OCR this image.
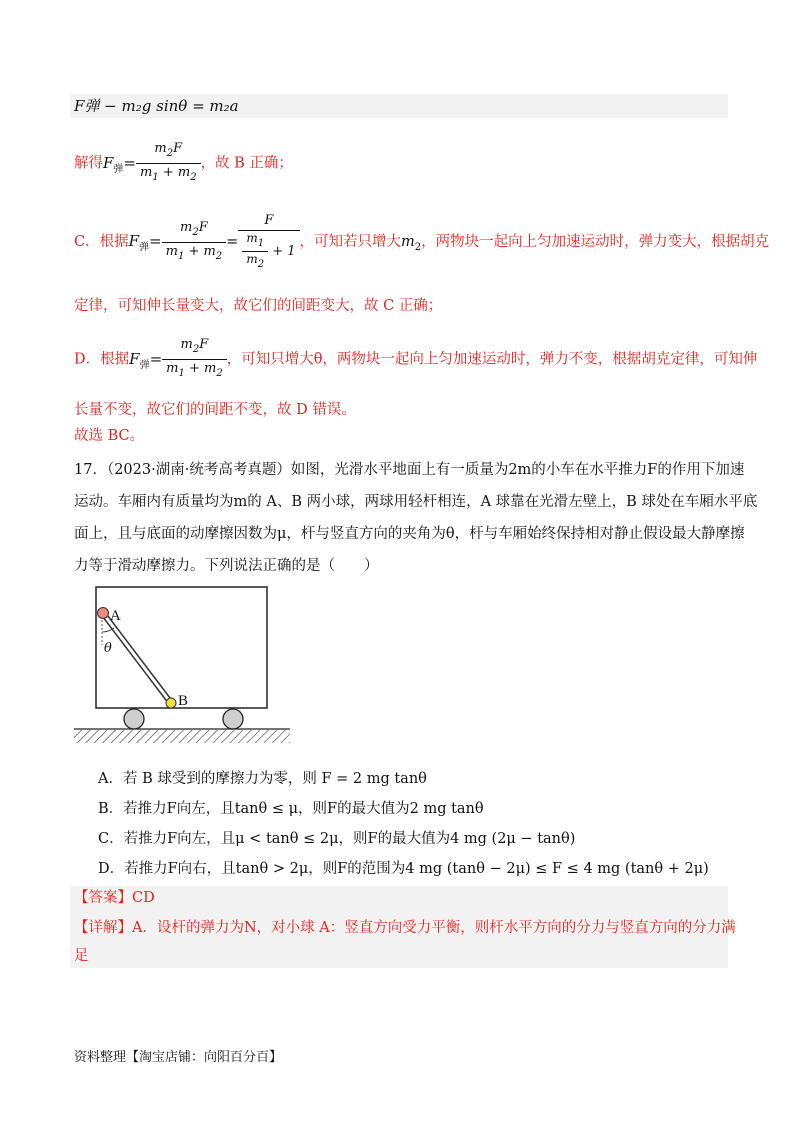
F弹 − m₂g sinθ = m₂a
解得$F_弹= \frac{m_2F}{m_1 + m_2}$ ，故 B 正确；
C．根据$F_弹= \frac{m_2F}{m_1 + m_2} = \frac{F}{\frac{m_1}{m_2} + 1}$ ，可知若只增大$m_2$，两物块一起向上匀加速运动时，弹力变大，根据胡克
定律，可知伸长量变大，故它们的间距变大，故 C 正确；
D．根据$F_弹= \frac{m_2F}{m_1 + m_2}$ ，可知只增大θ，两物块一起向上匀加速运动时，弹力不变，根据胡克定律，可知伸
长量不变，故它们的间距不变，故 D 错误。
故选 BC。
17．（2023·湖南·统考高考真题）如图，光滑水平地面上有一质量为2m的小车在水平推力F的作用下加速
运动。车厢内有质量均为m的 A、B 两小球，两球用轻杆相连，A 球靠在光滑左壁上，B 球处在车厢水平底
面上，且与底面的动摩擦因数为μ，杆与竖直方向的夹角为θ，杆与车厢始终保持相对静止假设最大静摩擦
力等于滑动摩擦力。下列说法正确的是（　　）
A
θ
B
A．若 B 球受到的摩擦力为零，则 F = 2 mg tanθ
B．若推力F向左，且tanθ ≤ μ，则F的最大值为2 mg tanθ
C．若推力F向左，且μ < tanθ ≤ 2μ，则F的最大值为4 mg (2μ − tanθ)
D．若推力F向右，且tanθ > 2μ，则F的范围为4 mg (tanθ − 2μ) ≤ F ≤ 4 mg (tanθ + 2μ)
【答案】CD
【详解】A．设杆的弹力为N，对小球 A：竖直方向受力平衡，则杆水平方向的分力与竖直方向的分力满
足
资料整理【淘宝店铺：向阳百分百】
